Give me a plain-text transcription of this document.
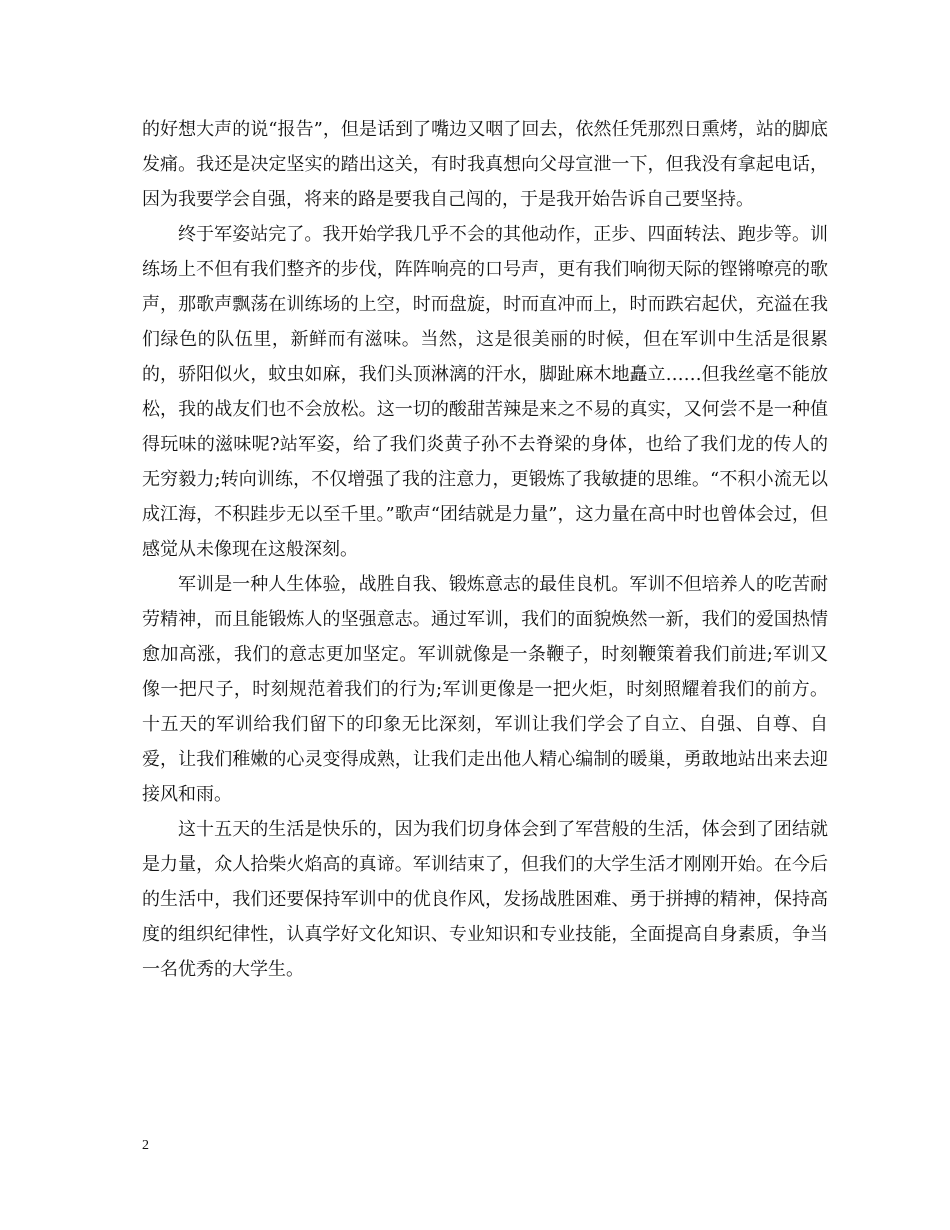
的好想大声的说“报告”，但是话到了嘴边又咽了回去，依然任凭那烈日熏烤，站的脚底发痛。我还是决定坚实的踏出这关，有时我真想向父母宣泄一下，但我没有拿起电话，因为我要学会自强，将来的路是要我自己闯的，于是我开始告诉自己要坚持。

终于军姿站完了。我开始学我几乎不会的其他动作，正步、四面转法、跑步等。训练场上不但有我们整齐的步伐，阵阵响亮的口号声，更有我们响彻天际的铿锵嘹亮的歌声，那歌声飘荡在训练场的上空，时而盘旋，时而直冲而上，时而跌宕起伏，充溢在我们绿色的队伍里，新鲜而有滋味。当然，这是很美丽的时候，但在军训中生活是很累的，骄阳似火，蚊虫如麻，我们头顶淋漓的汗水，脚趾麻木地矗立……但我丝毫不能放松，我的战友们也不会放松。这一切的酸甜苦辣是来之不易的真实，又何尝不是一种值得玩味的滋味呢?站军姿，给了我们炎黄子孙不去脊梁的身体，也给了我们龙的传人的无穷毅力;转向训练，不仅增强了我的注意力，更锻炼了我敏捷的思维。“不积小流无以成江海，不积跬步无以至千里。”歌声“团结就是力量”，这力量在高中时也曾体会过，但感觉从未像现在这般深刻。

军训是一种人生体验，战胜自我、锻炼意志的最佳良机。军训不但培养人的吃苦耐劳精神，而且能锻炼人的坚强意志。通过军训，我们的面貌焕然一新，我们的爱国热情愈加高涨，我们的意志更加坚定。军训就像是一条鞭子，时刻鞭策着我们前进;军训又像一把尺子，时刻规范着我们的行为;军训更像是一把火炬，时刻照耀着我们的前方。十五天的军训给我们留下的印象无比深刻，军训让我们学会了自立、自强、自尊、自爱，让我们稚嫩的心灵变得成熟，让我们走出他人精心编制的暖巢，勇敢地站出来去迎接风和雨。

这十五天的生活是快乐的，因为我们切身体会到了军营般的生活，体会到了团结就是力量，众人拾柴火焰高的真谛。军训结束了，但我们的大学生活才刚刚开始。在今后的生活中，我们还要保持军训中的优良作风，发扬战胜困难、勇于拼搏的精神，保持高度的组织纪律性，认真学好文化知识、专业知识和专业技能，全面提高自身素质，争当一名优秀的大学生。

2
